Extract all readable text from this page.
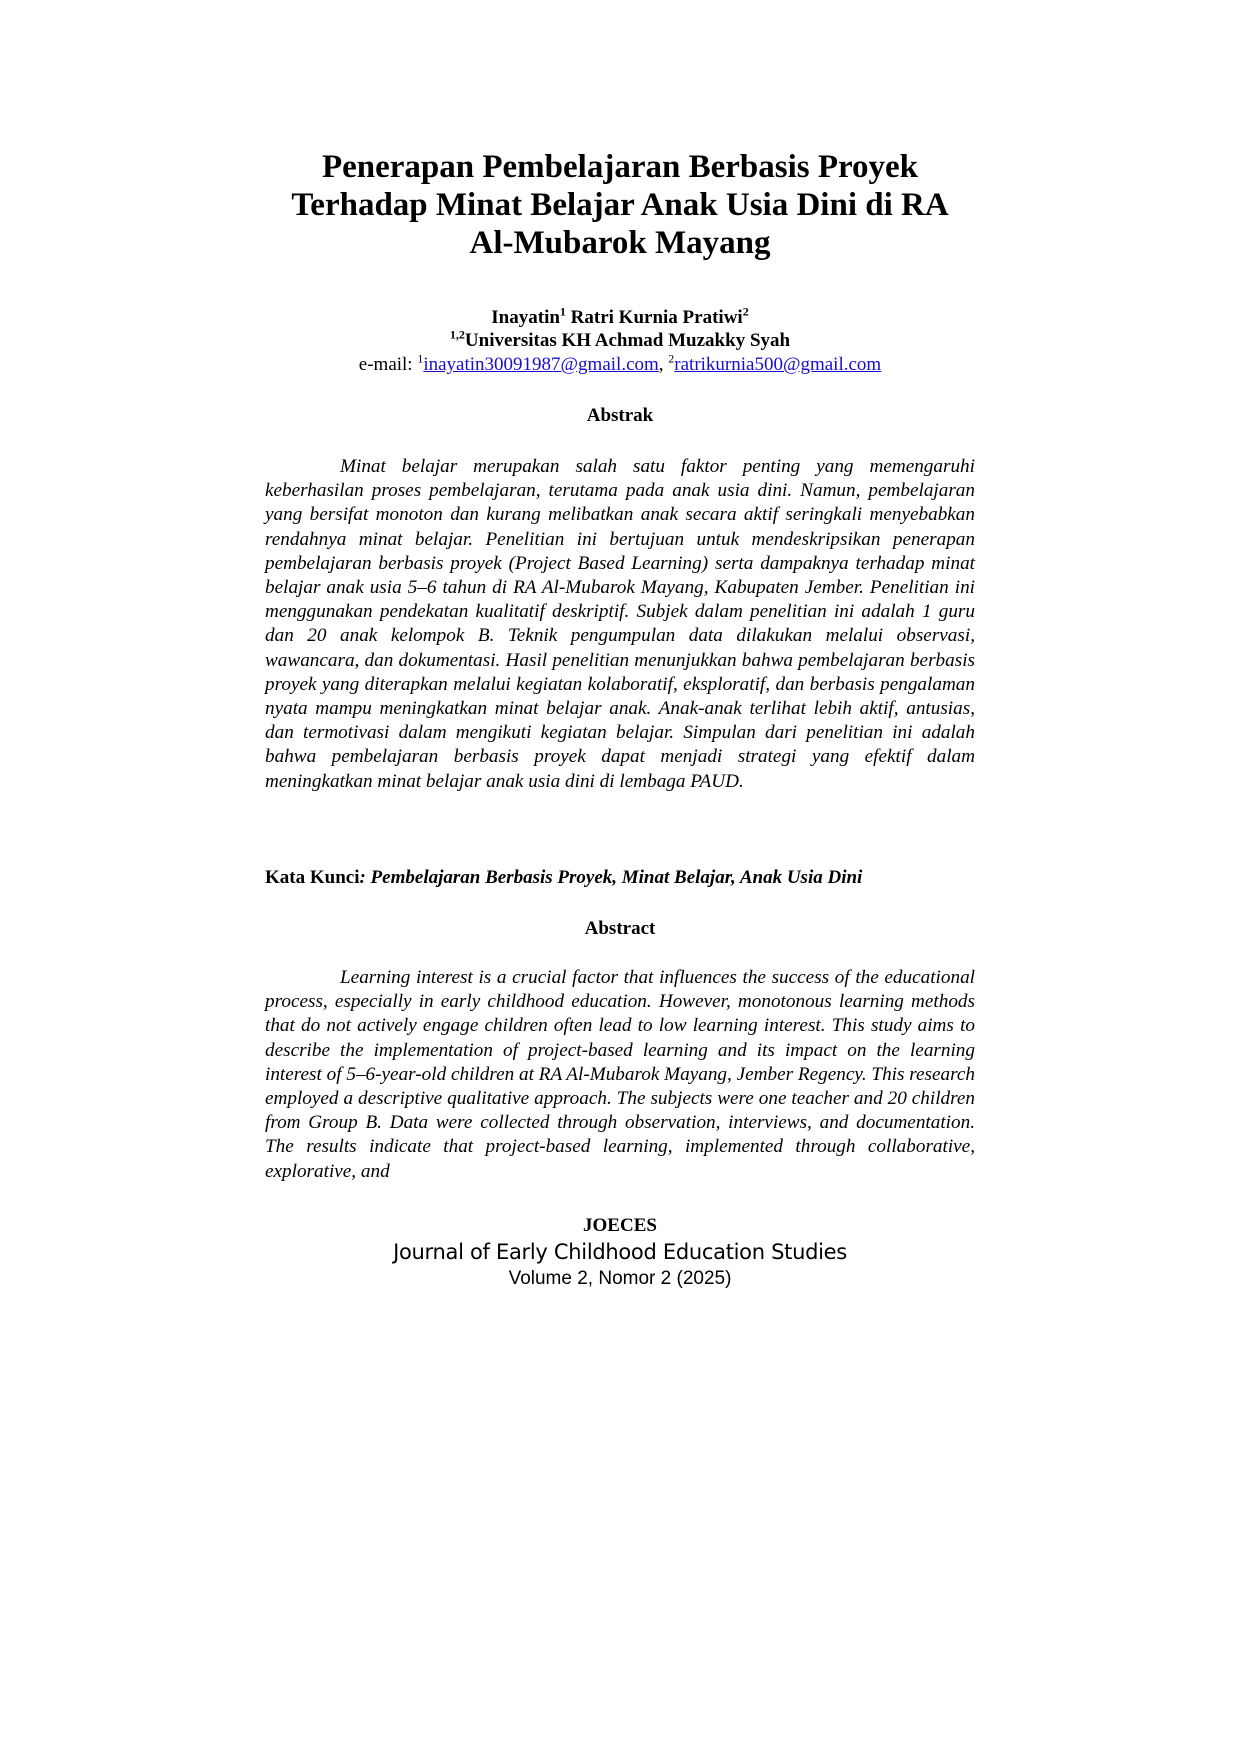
Penerapan Pembelajaran Berbasis Proyek
Terhadap Minat Belajar Anak Usia Dini di RA
Al-Mubarok Mayang
Inayatin$^1$ Ratri Kurnia Pratiwi$^2$
$^{1,2}$Universitas KH Achmad Muzakky Syah
e-mail: $^1$inayatin30091987@gmail.com, $^2$ratrikurnia500@gmail.com
Abstrak

Minat belajar merupakan salah satu faktor penting yang memengaruhi keberhasilan proses pembelajaran, terutama pada anak usia dini. Namun, pembelajaran yang bersifat monoton dan kurang melibatkan anak secara aktif seringkali menyebabkan rendahnya minat belajar. Penelitian ini bertujuan untuk mendeskripsikan penerapan pembelajaran berbasis proyek (Project Based Learning) serta dampaknya terhadap minat belajar anak usia 5–6 tahun di RA Al-Mubarok Mayang, Kabupaten Jember. Penelitian ini menggunakan pendekatan kualitatif deskriptif. Subjek dalam penelitian ini adalah 1 guru dan 20 anak kelompok B. Teknik pengumpulan data dilakukan melalui observasi, wawancara, dan dokumentasi. Hasil penelitian menunjukkan bahwa pembelajaran berbasis proyek yang diterapkan melalui kegiatan kolaboratif, eksploratif, dan berbasis pengalaman nyata mampu meningkatkan minat belajar anak. Anak-anak terlihat lebih aktif, antusias, dan termotivasi dalam mengikuti kegiatan belajar. Simpulan dari penelitian ini adalah bahwa pembelajaran berbasis proyek dapat menjadi strategi yang efektif dalam meningkatkan minat belajar anak usia dini di lembaga PAUD.

Kata Kunci: Pembelajaran Berbasis Proyek, Minat Belajar, Anak Usia Dini
Abstract

Learning interest is a crucial factor that influences the success of the educational process, especially in early childhood education. However, monotonous learning methods that do not actively engage children often lead to low learning interest. This study aims to describe the implementation of project-based learning and its impact on the learning interest of 5–6-year-old children at RA Al-Mubarok Mayang, Jember Regency. This research employed a descriptive qualitative approach. The subjects were one teacher and 20 children from Group B. Data were collected through observation, interviews, and documentation. The results indicate that project-based learning, implemented through collaborative, explorative, and

JOECES
Journal of Early Childhood Education Studies
Volume 2, Nomor 2 (2025)
